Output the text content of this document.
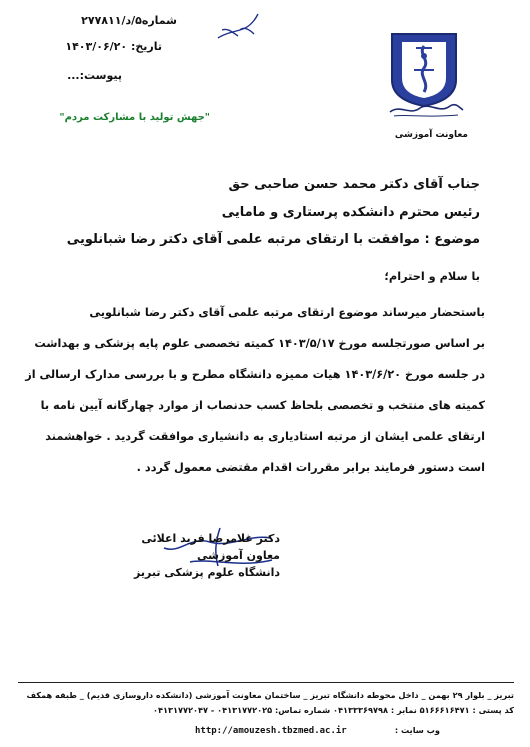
شماره۵/د/۲۷۷۸۱۱
تاریخ: ۱۴۰۳/۰۶/۲۰
پیوست:...
"جهش تولید با مشارکت مردم"
معاونت آموزشی
جناب آقای دکتر محمد حسن صاحبی حق
رئیس محترم دانشکده پرستاری و مامایی
موضوع : موافقت با ارتقای مرتبه علمی آقای دکتر رضا شبانلویی
با سلام و احترام؛
باستحضار میرساند موضوع ارتقای مرتبه علمی آقای دکتر رضا شبانلویی
بر اساس صورتجلسه مورخ ۱۴۰۳/۵/۱۷ کمیته تخصصی علوم پایه پزشکی و بهداشت
در جلسه مورخ ۱۴۰۳/۶/۲۰ هیات ممیزه دانشگاه مطرح و با بررسی مدارک ارسالی از
کمیته های منتخب و تخصصی بلحاظ کسب حدنصاب از موارد چهارگانه آیین نامه با
ارتقای علمی ایشان از مرتبه استادیاری به دانشیاری موافقت گردید . خواهشمند
است دستور فرمایند برابر مقررات اقدام مقتضی معمول گردد .
دکتر غلامرضا فرید اعلائی
معاون آموزشی
دانشگاه علوم پزشکی تبریز
تبریز _ بلوار ۲۹ بهمن _ داخل محوطه دانشگاه تبریز _ ساختمان معاونت آموزشی (دانشکده داروسازی قدیم) _ طبقه همکف
کد پستی : ۵۱۶۶۶۱۶۴۷۱ نمابر : ۰۴۱۳۳۳۶۹۷۹۸ شماره تماس: ۰۴۱۳۱۷۷۲۰۲۵ - ۰۴۱۳۱۷۷۲۰۴۷
وب سایت :
http://amouzesh.tbzmed.ac.ir
